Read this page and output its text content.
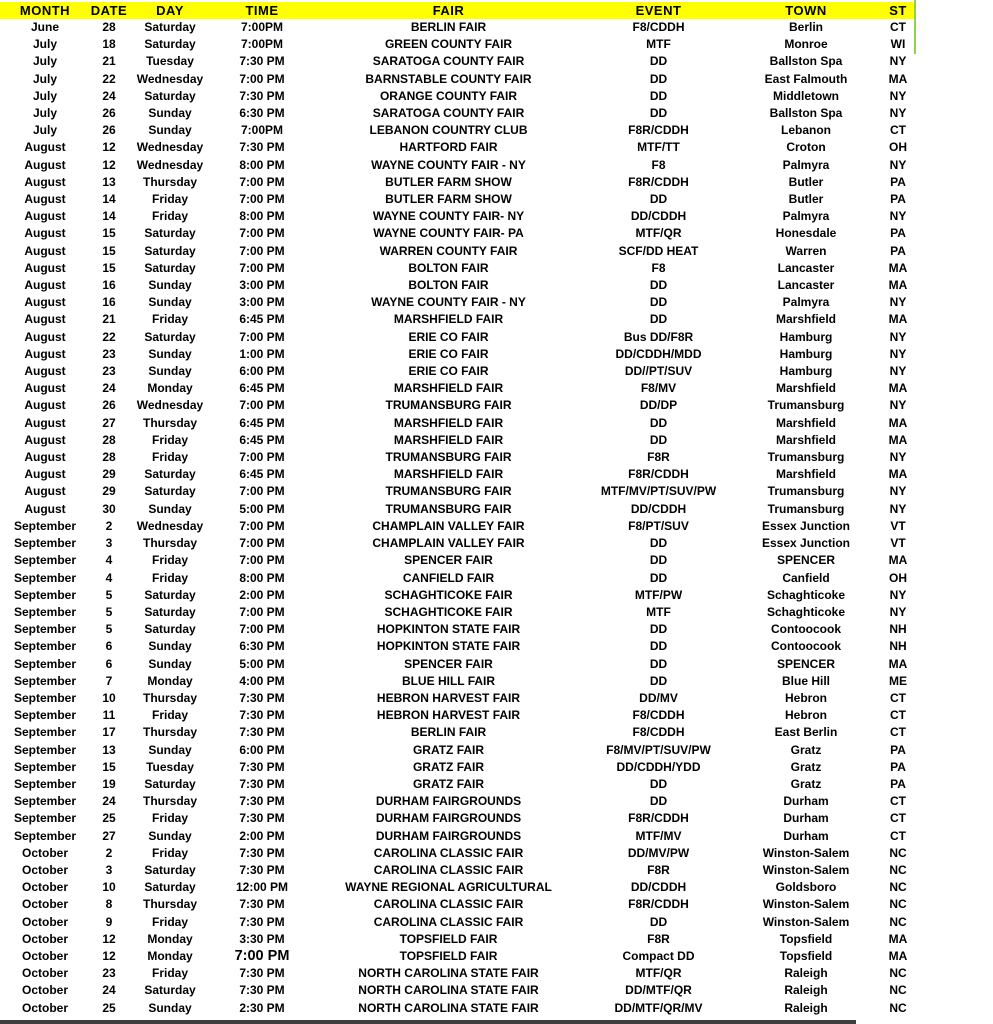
MONTH	DATE	DAY	TIME	FAIR	EVENT	TOWN	ST
June	28	Saturday	7:00PM	BERLIN FAIR	F8/CDDH	Berlin	CT
July	18	Saturday	7:00PM	GREEN COUNTY FAIR	MTF	Monroe	WI
July	21	Tuesday	7:30 PM	SARATOGA COUNTY FAIR	DD	Ballston Spa	NY
July	22	Wednesday	7:00 PM	BARNSTABLE COUNTY FAIR	DD	East Falmouth	MA
July	24	Saturday	7:30 PM	ORANGE COUNTY FAIR	DD	Middletown	NY
July	26	Sunday	6:30 PM	SARATOGA COUNTY FAIR	DD	Ballston Spa	NY
July	26	Sunday	7:00PM	LEBANON COUNTRY CLUB	F8R/CDDH	Lebanon	CT
August	12	Wednesday	7:30 PM	HARTFORD FAIR	MTF/TT	Croton	OH
August	12	Wednesday	8:00 PM	WAYNE COUNTY FAIR - NY	F8	Palmyra	NY
August	13	Thursday	7:00 PM	BUTLER FARM SHOW	F8R/CDDH	Butler	PA
August	14	Friday	7:00 PM	BUTLER FARM SHOW	DD	Butler	PA
August	14	Friday	8:00 PM	WAYNE COUNTY FAIR- NY	DD/CDDH	Palmyra	NY
August	15	Saturday	7:00 PM	WAYNE COUNTY FAIR- PA	MTF/QR	Honesdale	PA
August	15	Saturday	7:00 PM	WARREN COUNTY FAIR	SCF/DD HEAT	Warren	PA
August	15	Saturday	7:00 PM	BOLTON FAIR	F8	Lancaster	MA
August	16	Sunday	3:00 PM	BOLTON FAIR	DD	Lancaster	MA
August	16	Sunday	3:00 PM	WAYNE COUNTY FAIR - NY	DD	Palmyra	NY
August	21	Friday	6:45 PM	MARSHFIELD FAIR	DD	Marshfield	MA
August	22	Saturday	7:00 PM	ERIE CO FAIR	Bus DD/F8R	Hamburg	NY
August	23	Sunday	1:00 PM	ERIE CO FAIR	DD/CDDH/MDD	Hamburg	NY
August	23	Sunday	6:00 PM	ERIE CO FAIR	DD//PT/SUV	Hamburg	NY
August	24	Monday	6:45 PM	MARSHFIELD FAIR	F8/MV	Marshfield	MA
August	26	Wednesday	7:00 PM	TRUMANSBURG FAIR	DD/DP	Trumansburg	NY
August	27	Thursday	6:45 PM	MARSHFIELD FAIR	DD	Marshfield	MA
August	28	Friday	6:45 PM	MARSHFIELD FAIR	DD	Marshfield	MA
August	28	Friday	7:00 PM	TRUMANSBURG FAIR	F8R	Trumansburg	NY
August	29	Saturday	6:45 PM	MARSHFIELD FAIR	F8R/CDDH	Marshfield	MA
August	29	Saturday	7:00 PM	TRUMANSBURG FAIR	MTF/MV/PT/SUV/PW	Trumansburg	NY
August	30	Sunday	5:00 PM	TRUMANSBURG FAIR	DD/CDDH	Trumansburg	NY
September	2	Wednesday	7:00 PM	CHAMPLAIN VALLEY FAIR	F8/PT/SUV	Essex Junction	VT
September	3	Thursday	7:00 PM	CHAMPLAIN VALLEY FAIR	DD	Essex Junction	VT
September	4	Friday	7:00 PM	SPENCER FAIR	DD	SPENCER	MA
September	4	Friday	8:00 PM	CANFIELD FAIR	DD	Canfield	OH
September	5	Saturday	2:00 PM	SCHAGHTICOKE FAIR	MTF/PW	Schaghticoke	NY
September	5	Saturday	7:00 PM	SCHAGHTICOKE FAIR	MTF	Schaghticoke	NY
September	5	Saturday	7:00 PM	HOPKINTON STATE FAIR	DD	Contoocook	NH
September	6	Sunday	6:30 PM	HOPKINTON STATE FAIR	DD	Contoocook	NH
September	6	Sunday	5:00 PM	SPENCER FAIR	DD	SPENCER	MA
September	7	Monday	4:00 PM	BLUE HILL FAIR	DD	Blue Hill	ME
September	10	Thursday	7:30 PM	HEBRON HARVEST FAIR	DD/MV	Hebron	CT
September	11	Friday	7:30 PM	HEBRON HARVEST FAIR	F8/CDDH	Hebron	CT
September	17	Thursday	7:30 PM	BERLIN FAIR	F8/CDDH	East Berlin	CT
September	13	Sunday	6:00 PM	GRATZ FAIR	F8/MV/PT/SUV/PW	Gratz	PA
September	15	Tuesday	7:30 PM	GRATZ FAIR	DD/CDDH/YDD	Gratz	PA
September	19	Saturday	7:30 PM	GRATZ FAIR	DD	Gratz	PA
September	24	Thursday	7:30 PM	DURHAM FAIRGROUNDS	DD	Durham	CT
September	25	Friday	7:30 PM	DURHAM FAIRGROUNDS	F8R/CDDH	Durham	CT
September	27	Sunday	2:00 PM	DURHAM FAIRGROUNDS	MTF/MV	Durham	CT
October	2	Friday	7:30 PM	CAROLINA CLASSIC FAIR	DD/MV/PW	Winston-Salem	NC
October	3	Saturday	7:30 PM	CAROLINA CLASSIC FAIR	F8R	Winston-Salem	NC
October	10	Saturday	12:00 PM	WAYNE REGIONAL AGRICULTURAL	DD/CDDH	Goldsboro	NC
October	8	Thursday	7:30 PM	CAROLINA CLASSIC FAIR	F8R/CDDH	Winston-Salem	NC
October	9	Friday	7:30 PM	CAROLINA CLASSIC FAIR	DD	Winston-Salem	NC
October	12	Monday	3:30 PM	TOPSFIELD FAIR	F8R	Topsfield	MA
October	12	Monday	7:00 PM	TOPSFIELD FAIR	Compact DD	Topsfield	MA
October	23	Friday	7:30 PM	NORTH CAROLINA STATE FAIR	MTF/QR	Raleigh	NC
October	24	Saturday	7:30 PM	NORTH CAROLINA STATE FAIR	DD/MTF/QR	Raleigh	NC
October	25	Sunday	2:30 PM	NORTH CAROLINA STATE FAIR	DD/MTF/QR/MV	Raleigh	NC
